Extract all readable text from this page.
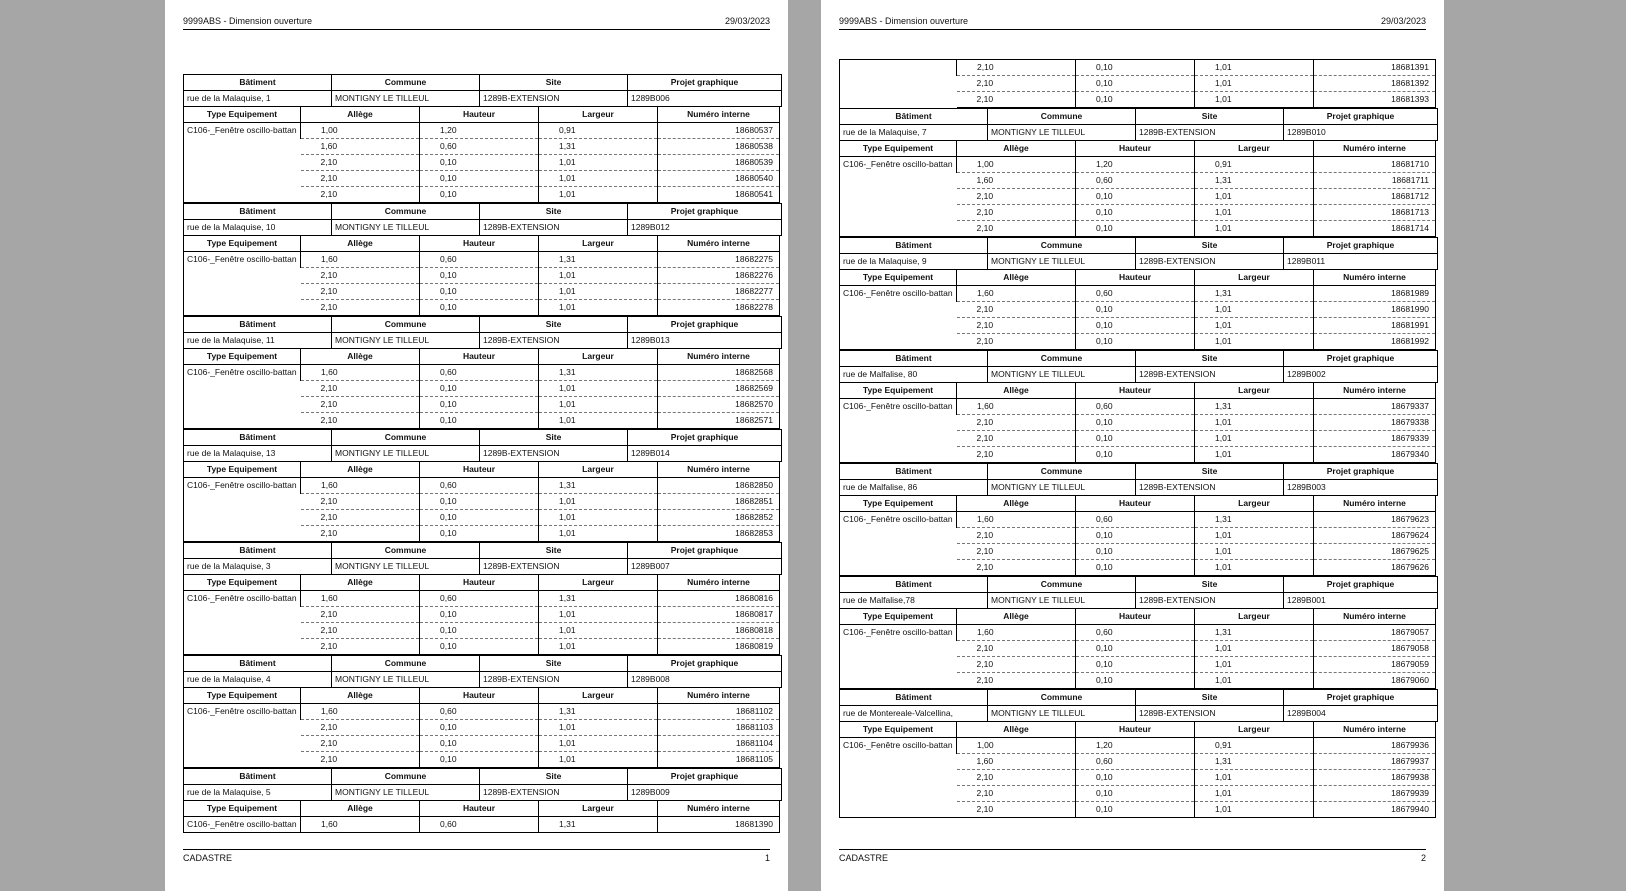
9999ABS - Dimension ouverture	29/03/2023
Bâtiment	Commune	Site	Projet graphique
rue de la Malaquise, 1	MONTIGNY LE TILLEUL	1289B-EXTENSION	1289B006
Type Equipement	Allège	Hauteur	Largeur	Numéro interne
C106-_Fenêtre oscillo-battan	1,00	1,20	0,91	18680537
	1,60	0,60	1,31	18680538
	2,10	0,10	1,01	18680539
	2,10	0,10	1,01	18680540
	2,10	0,10	1,01	18680541
Bâtiment	Commune	Site	Projet graphique
rue de la Malaquise, 10	MONTIGNY LE TILLEUL	1289B-EXTENSION	1289B012
Type Equipement	Allège	Hauteur	Largeur	Numéro interne
C106-_Fenêtre oscillo-battan	1,60	0,60	1,31	18682275
	2,10	0,10	1,01	18682276
	2,10	0,10	1,01	18682277
	2,10	0,10	1,01	18682278
Bâtiment	Commune	Site	Projet graphique
rue de la Malaquise, 11	MONTIGNY LE TILLEUL	1289B-EXTENSION	1289B013
Type Equipement	Allège	Hauteur	Largeur	Numéro interne
C106-_Fenêtre oscillo-battan	1,60	0,60	1,31	18682568
	2,10	0,10	1,01	18682569
	2,10	0,10	1,01	18682570
	2,10	0,10	1,01	18682571
Bâtiment	Commune	Site	Projet graphique
rue de la Malaquise, 13	MONTIGNY LE TILLEUL	1289B-EXTENSION	1289B014
Type Equipement	Allège	Hauteur	Largeur	Numéro interne
C106-_Fenêtre oscillo-battan	1,60	0,60	1,31	18682850
	2,10	0,10	1,01	18682851
	2,10	0,10	1,01	18682852
	2,10	0,10	1,01	18682853
Bâtiment	Commune	Site	Projet graphique
rue de la Malaquise, 3	MONTIGNY LE TILLEUL	1289B-EXTENSION	1289B007
Type Equipement	Allège	Hauteur	Largeur	Numéro interne
C106-_Fenêtre oscillo-battan	1,60	0,60	1,31	18680816
	2,10	0,10	1,01	18680817
	2,10	0,10	1,01	18680818
	2,10	0,10	1,01	18680819
Bâtiment	Commune	Site	Projet graphique
rue de la Malaquise, 4	MONTIGNY LE TILLEUL	1289B-EXTENSION	1289B008
Type Equipement	Allège	Hauteur	Largeur	Numéro interne
C106-_Fenêtre oscillo-battan	1,60	0,60	1,31	18681102
	2,10	0,10	1,01	18681103
	2,10	0,10	1,01	18681104
	2,10	0,10	1,01	18681105
Bâtiment	Commune	Site	Projet graphique
rue de la Malaquise, 5	MONTIGNY LE TILLEUL	1289B-EXTENSION	1289B009
Type Equipement	Allège	Hauteur	Largeur	Numéro interne
C106-_Fenêtre oscillo-battan	1,60	0,60	1,31	18681390
CADASTRE	1
9999ABS - Dimension ouverture	29/03/2023
	2,10	0,10	1,01	18681391
	2,10	0,10	1,01	18681392
	2,10	0,10	1,01	18681393
Bâtiment	Commune	Site	Projet graphique
rue de la Malaquise, 7	MONTIGNY LE TILLEUL	1289B-EXTENSION	1289B010
Type Equipement	Allège	Hauteur	Largeur	Numéro interne
C106-_Fenêtre oscillo-battan	1,00	1,20	0,91	18681710
	1,60	0,60	1,31	18681711
	2,10	0,10	1,01	18681712
	2,10	0,10	1,01	18681713
	2,10	0,10	1,01	18681714
Bâtiment	Commune	Site	Projet graphique
rue de la Malaquise, 9	MONTIGNY LE TILLEUL	1289B-EXTENSION	1289B011
Type Equipement	Allège	Hauteur	Largeur	Numéro interne
C106-_Fenêtre oscillo-battan	1,60	0,60	1,31	18681989
	2,10	0,10	1,01	18681990
	2,10	0,10	1,01	18681991
	2,10	0,10	1,01	18681992
Bâtiment	Commune	Site	Projet graphique
rue de Malfalise, 80	MONTIGNY LE TILLEUL	1289B-EXTENSION	1289B002
Type Equipement	Allège	Hauteur	Largeur	Numéro interne
C106-_Fenêtre oscillo-battan	1,60	0,60	1,31	18679337
	2,10	0,10	1,01	18679338
	2,10	0,10	1,01	18679339
	2,10	0,10	1,01	18679340
Bâtiment	Commune	Site	Projet graphique
rue de Malfalise, 86	MONTIGNY LE TILLEUL	1289B-EXTENSION	1289B003
Type Equipement	Allège	Hauteur	Largeur	Numéro interne
C106-_Fenêtre oscillo-battan	1,60	0,60	1,31	18679623
	2,10	0,10	1,01	18679624
	2,10	0,10	1,01	18679625
	2,10	0,10	1,01	18679626
Bâtiment	Commune	Site	Projet graphique
rue de Malfalise,78	MONTIGNY LE TILLEUL	1289B-EXTENSION	1289B001
Type Equipement	Allège	Hauteur	Largeur	Numéro interne
C106-_Fenêtre oscillo-battan	1,60	0,60	1,31	18679057
	2,10	0,10	1,01	18679058
	2,10	0,10	1,01	18679059
	2,10	0,10	1,01	18679060
Bâtiment	Commune	Site	Projet graphique
rue de Montereale-Valcellina,	MONTIGNY LE TILLEUL	1289B-EXTENSION	1289B004
Type Equipement	Allège	Hauteur	Largeur	Numéro interne
C106-_Fenêtre oscillo-battan	1,00	1,20	0,91	18679936
	1,60	0,60	1,31	18679937
	2,10	0,10	1,01	18679938
	2,10	0,10	1,01	18679939
	2,10	0,10	1,01	18679940
CADASTRE	2
